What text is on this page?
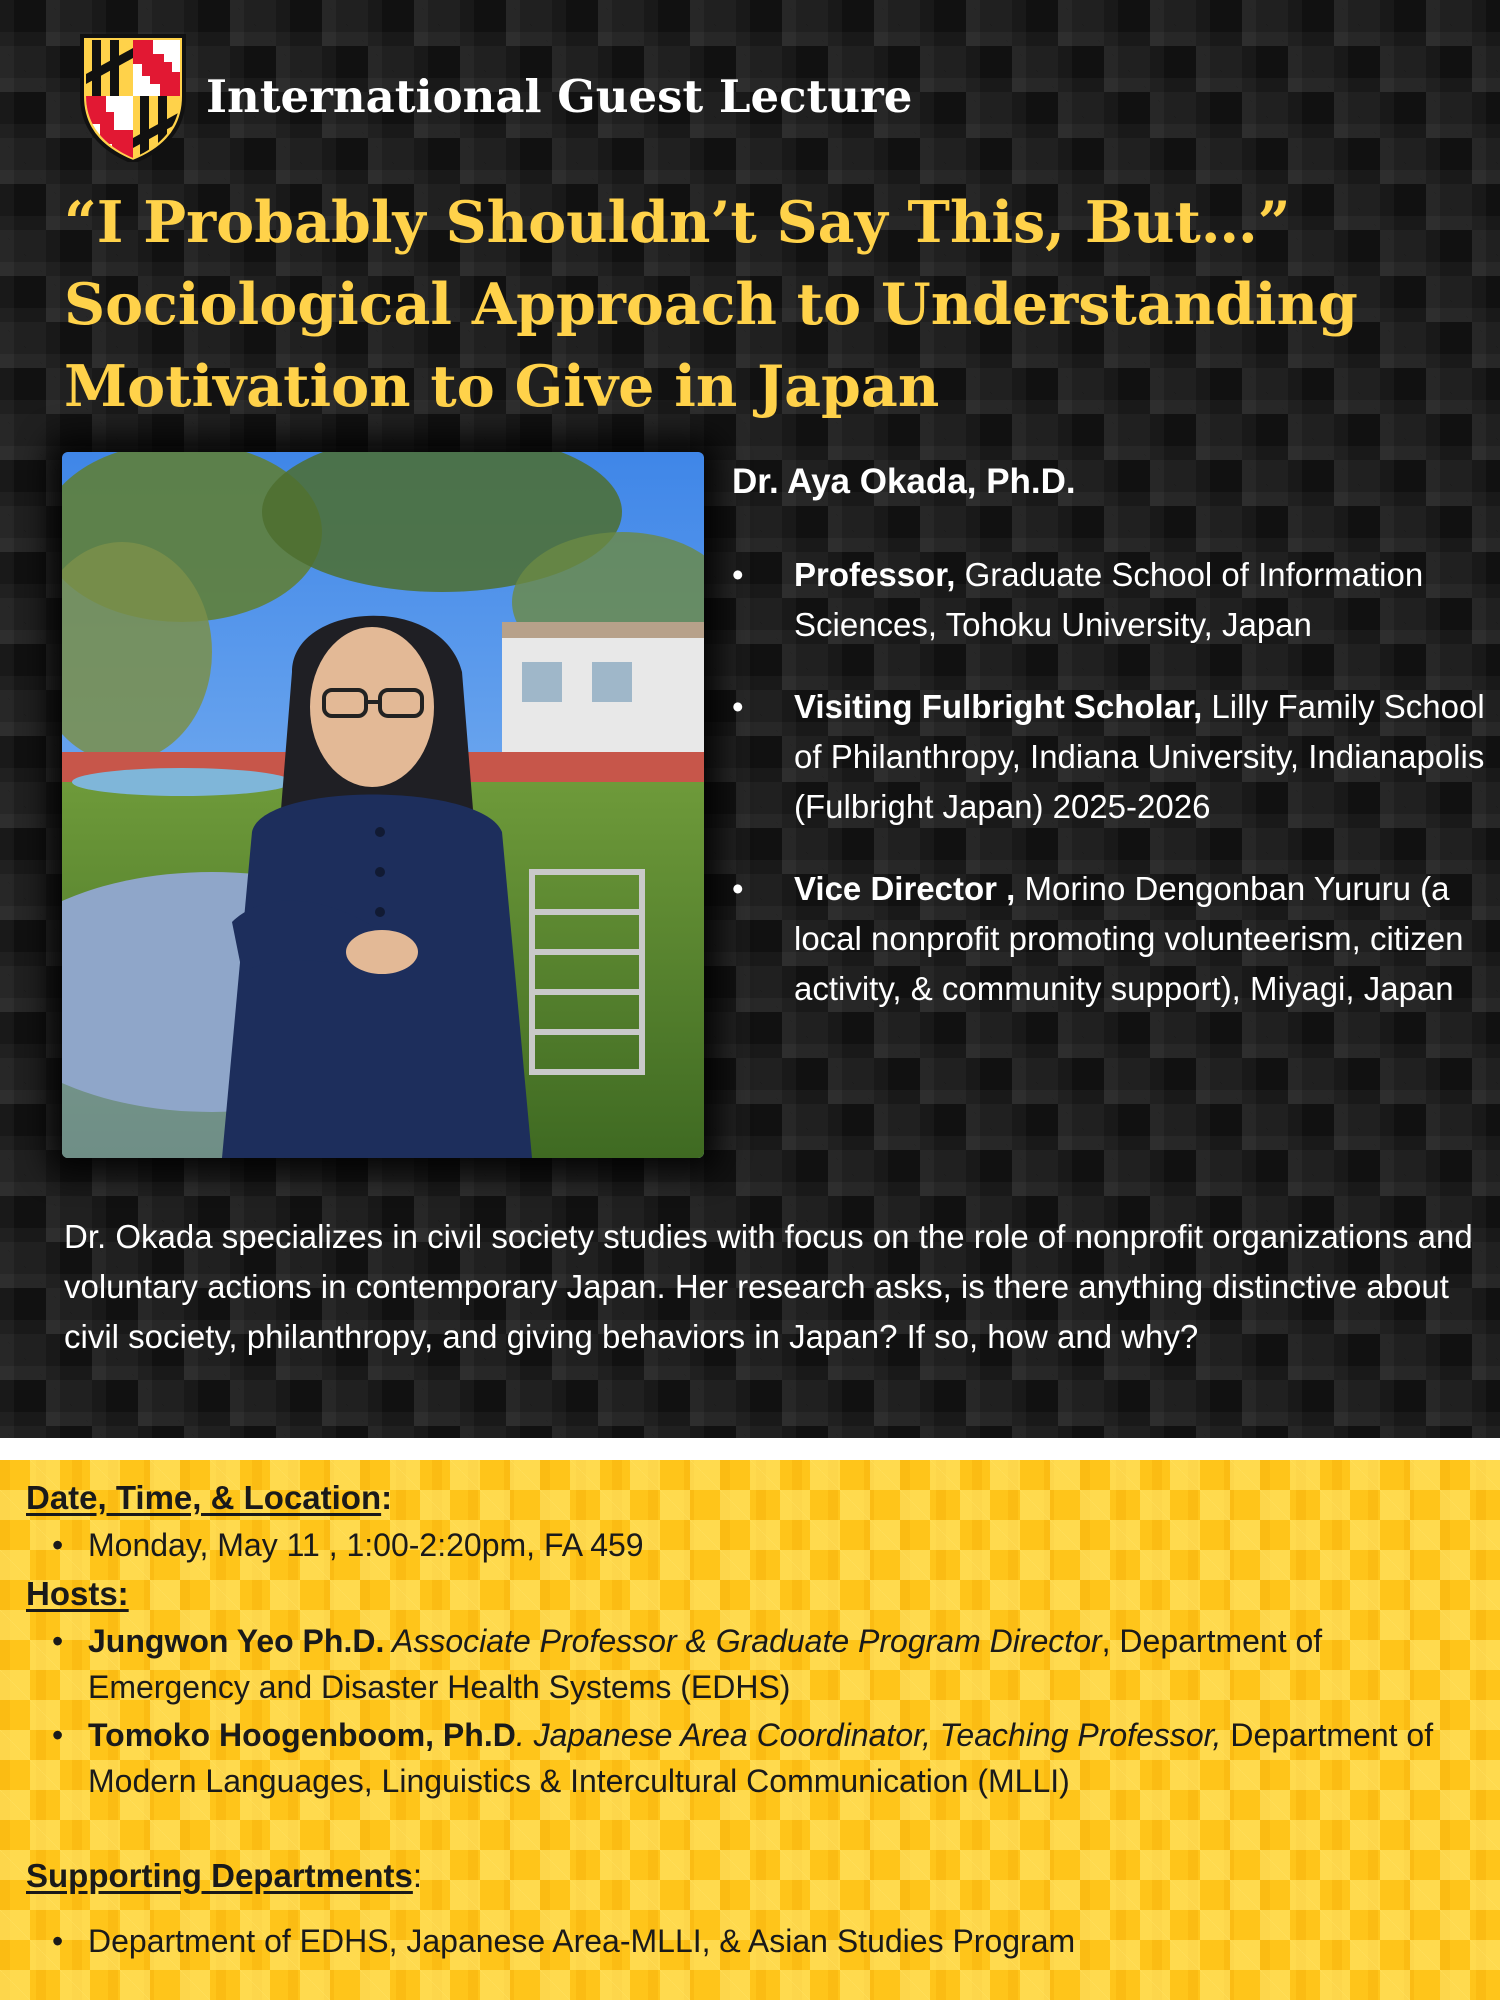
International Guest Lecture
“I Probably Shouldn’t Say This, But…”
Sociological Approach to Understanding
Motivation to Give in Japan
Dr. Aya Okada, Ph.D.
• Professor, Graduate School of Information Sciences, Tohoku University, Japan
• Visiting Fulbright Scholar, Lilly Family School of Philanthropy, Indiana University, Indianapolis (Fulbright Japan) 2025-2026
• Vice Director , Morino Dengonban Yururu (a local nonprofit promoting volunteerism, citizen activity, & community support), Miyagi, Japan

Dr. Okada specializes in civil society studies with focus on the role of nonprofit organizations and voluntary actions in contemporary Japan. Her research asks, is there anything distinctive about civil society, philanthropy, and giving behaviors in Japan? If so, how and why?

Date, Time, & Location:

• Monday, May 11 , 1:00-2:20pm, FA 459

Hosts:

• Jungwon Yeo Ph.D. Associate Professor & Graduate Program Director, Department of Emergency and Disaster Health Systems (EDHS)

• Tomoko Hoogenboom, Ph.D. Japanese Area Coordinator, Teaching Professor, Department of Modern Languages, Linguistics & Intercultural Communication (MLLI)

Supporting Departments:

• Department of EDHS, Japanese Area-MLLI, & Asian Studies Program
